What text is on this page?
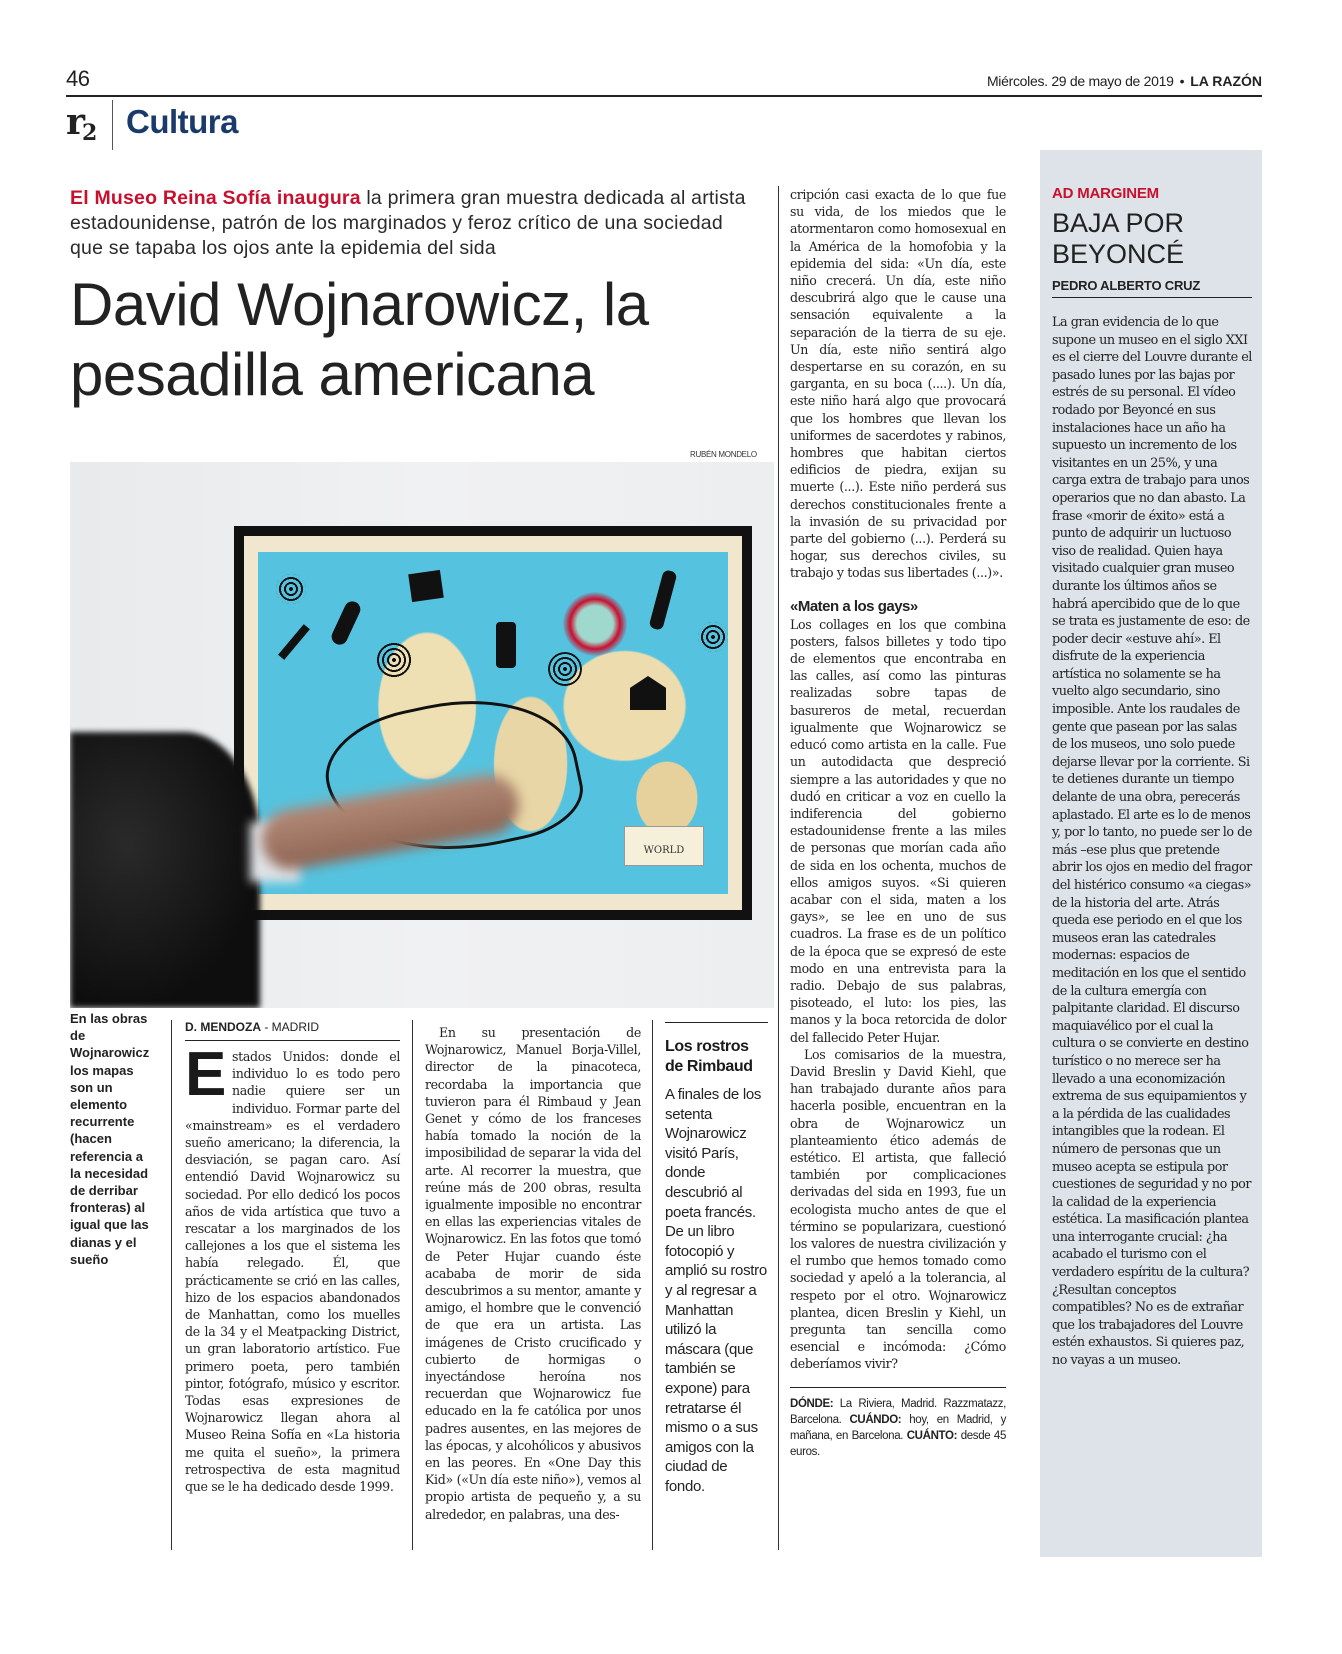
46	Miércoles. 29 de mayo de 2019 • LA RAZÓN
$r_2$ Cultura
El Museo Reina Sofía inaugura la primera gran muestra dedicada al artista estadounidense, patrón de los marginados y feroz crítico de una sociedad que se tapaba los ojos ante la epidemia del sida
David Wojnarowicz, la pesadilla americana
RUBÉN MONDELO
WORLD
En las obras de Wojnarowicz los mapas son un elemento recurrente (hacen referencia a la necesidad de derribar fronteras) al igual que las dianas y el sueño
D. MENDOZA - MADRID

Estados Unidos: donde el individuo lo es todo pero nadie quiere ser un individuo. Formar parte del «mainstream» es el verdadero sueño americano; la diferencia, la desviación, se pagan caro. Así entendió David Wojnarowicz su sociedad. Por ello dedicó los pocos años de vida artística que tuvo a rescatar a los marginados de los callejones a los que el sistema les había relegado. Él, que prácticamente se crió en las calles, hizo de los espacios abandonados de Manhattan, como los muelles de la 34 y el Meatpacking District, un gran laboratorio artístico. Fue primero poeta, pero también pintor, fotógrafo, músico y escritor. Todas esas expresiones de Wojnarowicz llegan ahora al Museo Reina Sofía en «La historia me quita el sueño», la primera retrospectiva de esta magnitud que se le ha dedicado desde 1999.

En su presentación de Wojnarowicz, Manuel Borja-Villel, director de la pinacoteca, recordaba la importancia que tuvieron para él Rimbaud y Jean Genet y cómo de los franceses había tomado la noción de la imposibilidad de separar la vida del arte. Al recorrer la muestra, que reúne más de 200 obras, resulta igualmente imposible no encontrar en ellas las experiencias vitales de Wojnarowicz. En las fotos que tomó de Peter Hujar cuando éste acababa de morir de sida descubrimos a su mentor, amante y amigo, el hombre que le convenció de que era un artista. Las imágenes de Cristo crucificado y cubierto de hormigas o inyectándose heroína nos recuerdan que Wojnarowicz fue educado en la fe católica por unos padres ausentes, en las mejores de las épocas, y alcohólicos y abusivos en las peores. En «One Day this Kid» («Un día este niño»), vemos al propio artista de pequeño y, a su alrededor, en palabras, una des-

Los rostros de Rimbaud
A finales de los setenta Wojnarowicz visitó París, donde descubrió al poeta francés. De un libro fotocopió y amplió su rostro y al regresar a Manhattan utilizó la máscara (que también se expone) para retratarse él mismo o a sus amigos con la ciudad de fondo.

cripción casi exacta de lo que fue su vida, de los miedos que le atormentaron como homosexual en la América de la homofobia y la epidemia del sida: «Un día, este niño crecerá. Un día, este niño descubrirá algo que le cause una sensación equivalente a la separación de la tierra de su eje. Un día, este niño sentirá algo despertarse en su corazón, en su garganta, en su boca (....). Un día, este niño hará algo que provocará que los hombres que llevan los uniformes de sacerdotes y rabinos, hombres que habitan ciertos edificios de piedra, exijan su muerte (...). Este niño perderá sus derechos constitucionales frente a la invasión de su privacidad por parte del gobierno (...). Perderá su hogar, sus derechos civiles, su trabajo y todas sus libertades (...)».

«Maten a los gays»

Los collages en los que combina posters, falsos billetes y todo tipo de elementos que encontraba en las calles, así como las pinturas realizadas sobre tapas de basureros de metal, recuerdan igualmente que Wojnarowicz se educó como artista en la calle. Fue un autodidacta que despreció siempre a las autoridades y que no dudó en criticar a voz en cuello la indiferencia del gobierno estadounidense frente a las miles de personas que morían cada año de sida en los ochenta, muchos de ellos amigos suyos. «Si quieren acabar con el sida, maten a los gays», se lee en uno de sus cuadros. La frase es de un político de la época que se expresó de este modo en una entrevista para la radio. Debajo de sus palabras, pisoteado, el luto: los pies, las manos y la boca retorcida de dolor del fallecido Peter Hujar.

Los comisarios de la muestra, David Breslin y David Kiehl, que han trabajado durante años para hacerla posible, encuentran en la obra de Wojnarowicz un planteamiento ético además de estético. El artista, que falleció también por complicaciones derivadas del sida en 1993, fue un ecologista mucho antes de que el término se popularizara, cuestionó los valores de nuestra civilización y el rumbo que hemos tomado como sociedad y apeló a la tolerancia, al respeto por el otro. Wojnarowicz plantea, dicen Breslin y Kiehl, un pregunta tan sencilla como esencial e incómoda: ¿Cómo deberíamos vivir?

DÓNDE: La Riviera, Madrid. Razzmatazz, Barcelona. CUÁNDO: hoy, en Madrid, y mañana, en Barcelona. CUÁNTO: desde 45 euros.
AD MARGINEM
BAJA POR BEYONCÉ
PEDRO ALBERTO CRUZ
La gran evidencia de lo que supone un museo en el siglo XXI es el cierre del Louvre durante el pasado lunes por las bajas por estrés de su personal. El vídeo rodado por Beyoncé en sus instalaciones hace un año ha supuesto un incremento de los visitantes en un 25%, y una carga extra de trabajo para unos operarios que no dan abasto. La frase «morir de éxito» está a punto de adquirir un luctuoso viso de realidad. Quien haya visitado cualquier gran museo durante los últimos años se habrá apercibido que de lo que se trata es justamente de eso: de poder decir «estuve ahí». El disfrute de la experiencia artística no solamente se ha vuelto algo secundario, sino imposible. Ante los raudales de gente que pasean por las salas de los museos, uno solo puede dejarse llevar por la corriente. Si te detienes durante un tiempo delante de una obra, perecerás aplastado. El arte es lo de menos y, por lo tanto, no puede ser lo de más –ese plus que pretende abrir los ojos en medio del fragor del histérico consumo «a ciegas» de la historia del arte. Atrás queda ese periodo en el que los museos eran las catedrales modernas: espacios de meditación en los que el sentido de la cultura emergía con palpitante claridad. El discurso maquiavélico por el cual la cultura o se convierte en destino turístico o no merece ser ha llevado a una economización extrema de sus equipamientos y a la pérdida de las cualidades intangibles que la rodean. El número de personas que un museo acepta se estipula por cuestiones de seguridad y no por la calidad de la experiencia estética. La masificación plantea una interrogante crucial: ¿ha acabado el turismo con el verdadero espíritu de la cultura? ¿Resultan conceptos compatibles? No es de extrañar que los trabajadores del Louvre estén exhaustos. Si quieres paz, no vayas a un museo.
